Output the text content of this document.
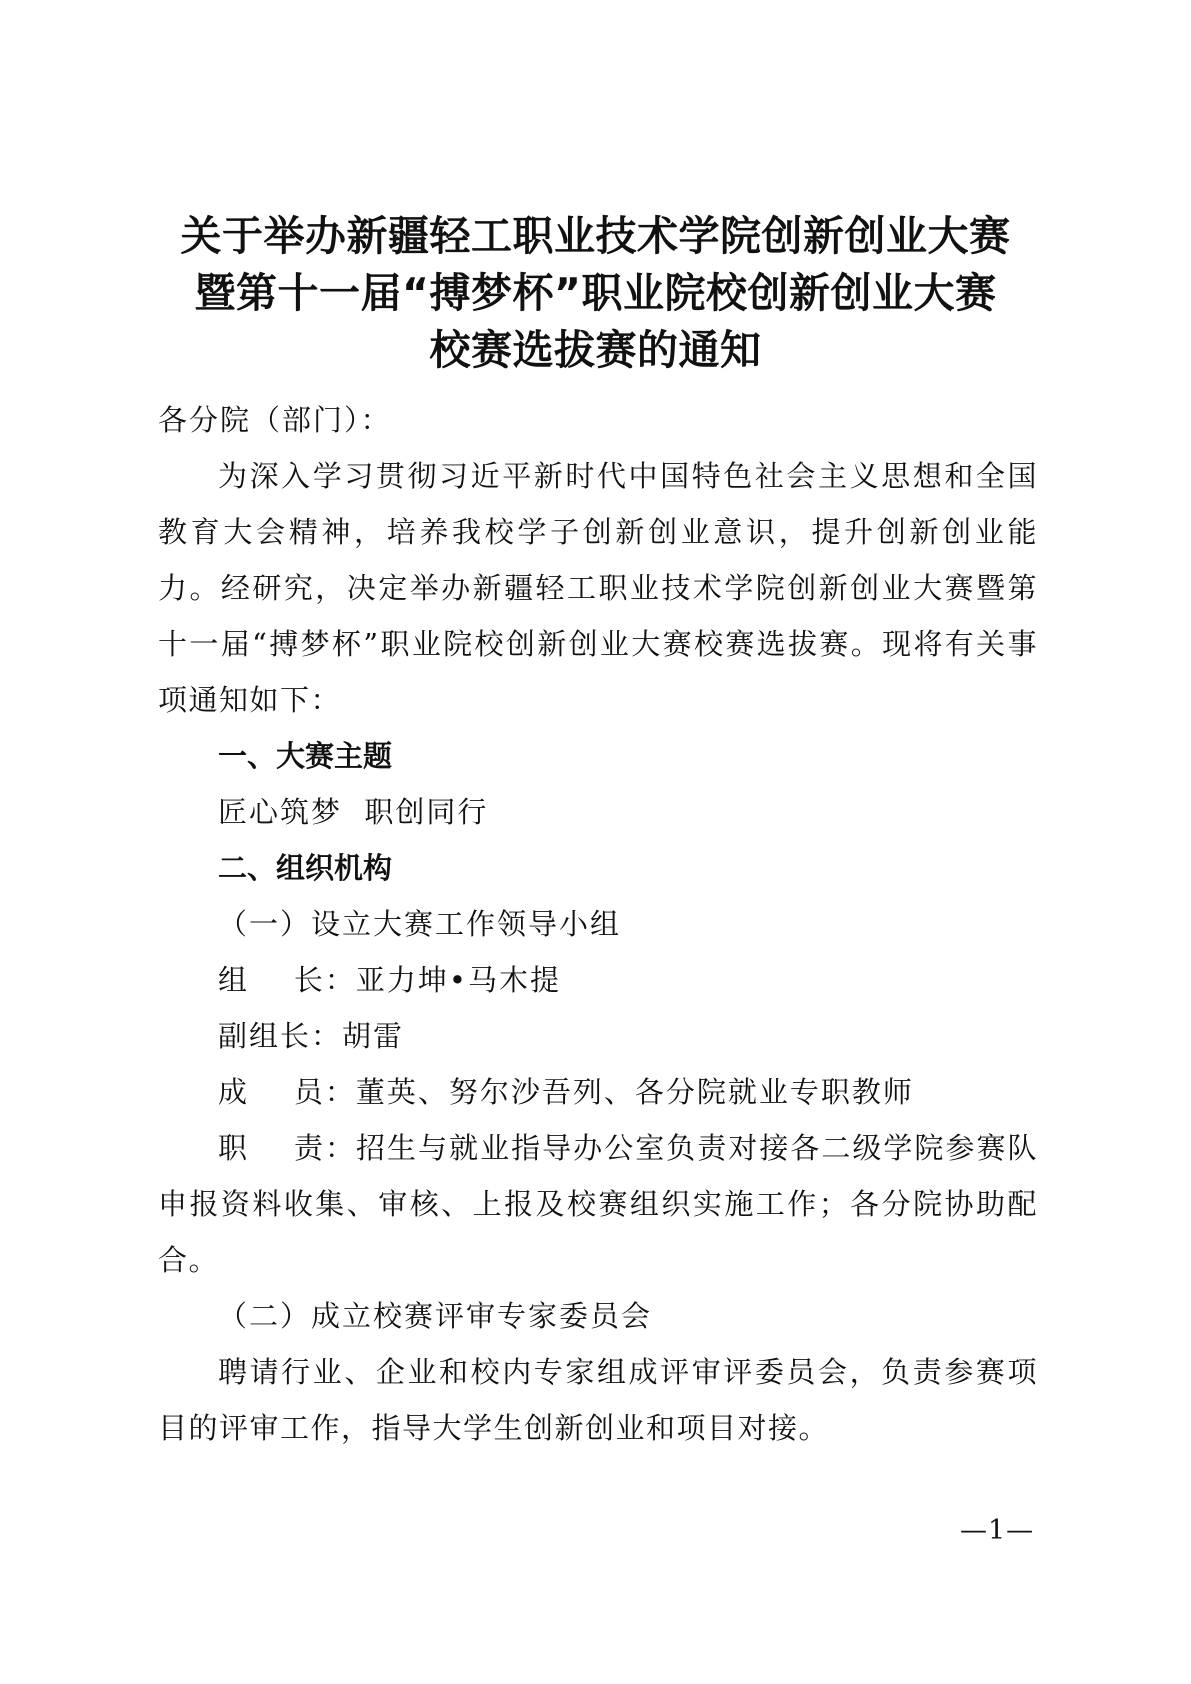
关于举办新疆轻工职业技术学院创新创业大赛
暨第十一届“搏梦杯”职业院校创新创业大赛
校赛选拔赛的通知

各分院（部门）：

为深入学习贯彻习近平新时代中国特色社会主义思想和全国教育大会精神，培养我校学子创新创业意识，提升创新创业能力。经研究，决定举办新疆轻工职业技术学院创新创业大赛暨第十一届“搏梦杯”职业院校创新创业大赛校赛选拔赛。现将有关事项通知如下：

一、大赛主题

匠心筑梦  职创同行

二、组织机构

（一）设立大赛工作领导小组

组    长：亚力坤•马木提

副组长：胡雷

成    员：董英、努尔沙吾列、各分院就业专职教师

职    责：招生与就业指导办公室负责对接各二级学院参赛队申报资料收集、审核、上报及校赛组织实施工作；各分院协助配合。

（二）成立校赛评审专家委员会

聘请行业、企业和校内专家组成评审评委员会，负责参赛项目的评审工作，指导大学生创新创业和项目对接。

—1—
